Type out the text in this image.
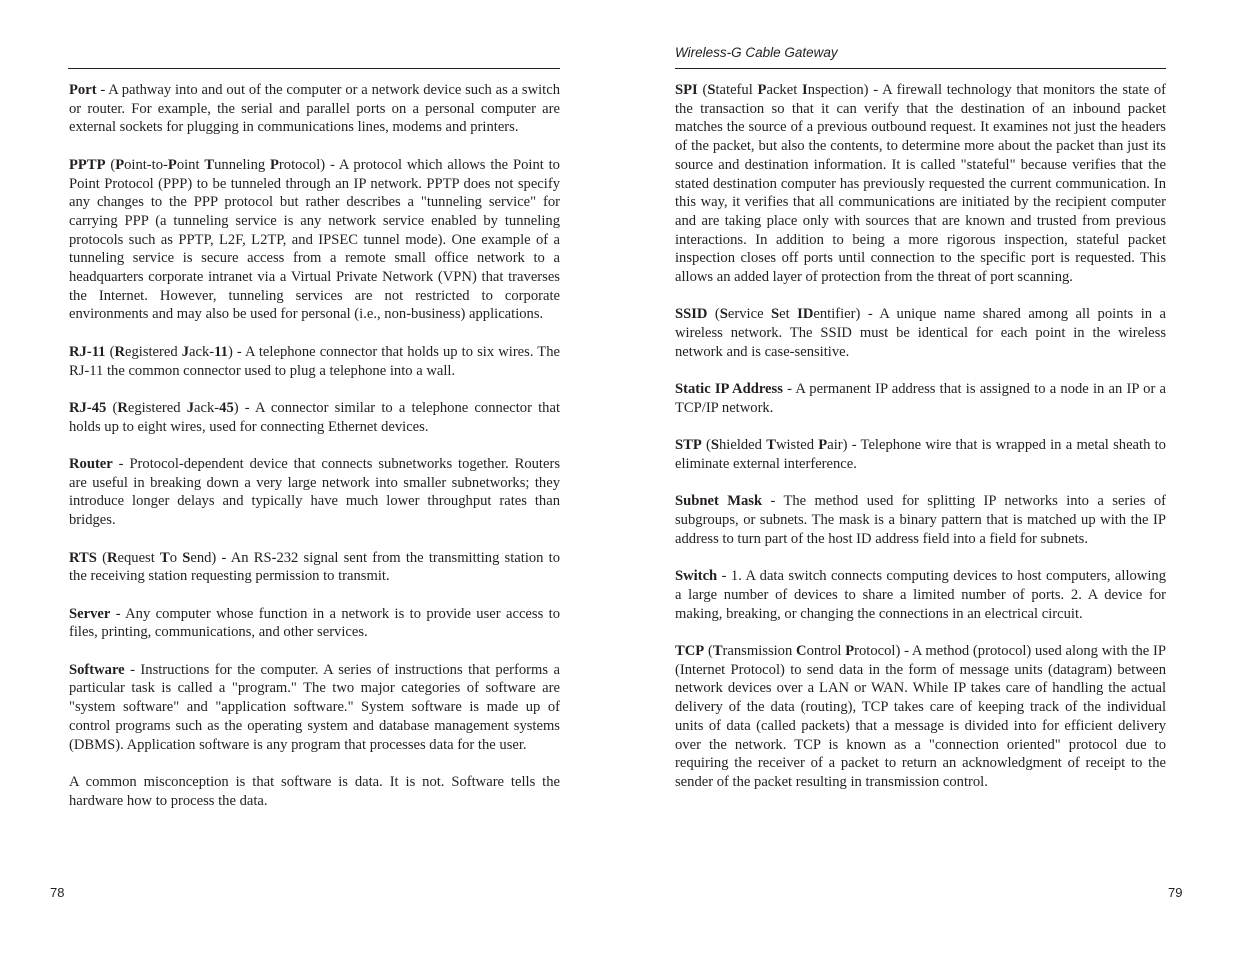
Wireless-G Cable Gateway

Port - A pathway into and out of the computer or a network device such as a switch or router. For example, the serial and parallel ports on a personal computer are external sockets for plugging in communications lines, modems and printers.

PPTP (Point-to-Point Tunneling Protocol) - A protocol which allows the Point to Point Protocol (PPP) to be tunneled through an IP network. PPTP does not specify any changes to the PPP protocol but rather describes a "tunneling service" for carrying PPP (a tunneling service is any network service enabled by tunneling protocols such as PPTP, L2F, L2TP, and IPSEC tunnel mode). One example of a tunneling service is secure access from a remote small office network to a headquarters corporate intranet via a Virtual Private Network (VPN) that traverses the Internet. However, tunneling services are not restricted to corporate environments and may also be used for personal (i.e., non-business) applications.

RJ-11 (Registered Jack-11) - A telephone connector that holds up to six wires. The RJ-11 the common connector used to plug a telephone into a wall.

RJ-45 (Registered Jack-45) - A connector similar to a telephone connector that holds up to eight wires, used for connecting Ethernet devices.

Router - Protocol-dependent device that connects subnetworks together. Routers are useful in breaking down a very large network into smaller subnetworks; they introduce longer delays and typically have much lower throughput rates than bridges.

RTS (Request To Send) - An RS-232 signal sent from the transmitting station to the receiving station requesting permission to transmit.

Server - Any computer whose function in a network is to provide user access to files, printing, communications, and other services.

Software - Instructions for the computer. A series of instructions that performs a particular task is called a "program." The two major categories of software are "system software" and "application software." System software is made up of control programs such as the operating system and database management systems (DBMS). Application software is any program that processes data for the user.

A common misconception is that software is data. It is not. Software tells the hardware how to process the data.

SPI (Stateful Packet Inspection) - A firewall technology that monitors the state of the transaction so that it can verify that the destination of an inbound packet matches the source of a previous outbound request. It examines not just the headers of the packet, but also the contents, to determine more about the packet than just its source and destination information. It is called "stateful" because verifies that the stated destination computer has previously requested the current communication. In this way, it verifies that all communications are initiated by the recipient computer and are taking place only with sources that are known and trusted from previous interactions. In addition to being a more rigorous inspection, stateful packet inspection closes off ports until connection to the specific port is requested. This allows an added layer of protection from the threat of port scanning.

SSID (Service Set IDentifier) - A unique name shared among all points in a wireless network. The SSID must be identical for each point in the wireless network and is case-sensitive.

Static IP Address - A permanent IP address that is assigned to a node in an IP or a TCP/IP network.

STP (Shielded Twisted Pair) - Telephone wire that is wrapped in a metal sheath to eliminate external interference.

Subnet Mask - The method used for splitting IP networks into a series of subgroups, or subnets. The mask is a binary pattern that is matched up with the IP address to turn part of the host ID address field into a field for subnets.

Switch - 1. A data switch connects computing devices to host computers, allowing a large number of devices to share a limited number of ports. 2. A device for making, breaking, or changing the connections in an electrical circuit.

TCP (Transmission Control Protocol) - A method (protocol) used along with the IP (Internet Protocol) to send data in the form of message units (datagram) between network devices over a LAN or WAN. While IP takes care of handling the actual delivery of the data (routing), TCP takes care of keeping track of the individual units of data (called packets) that a message is divided into for efficient delivery over the network. TCP is known as a "connection oriented" protocol due to requiring the receiver of a packet to return an acknowledgment of receipt to the sender of the packet resulting in transmission control.

78	79
